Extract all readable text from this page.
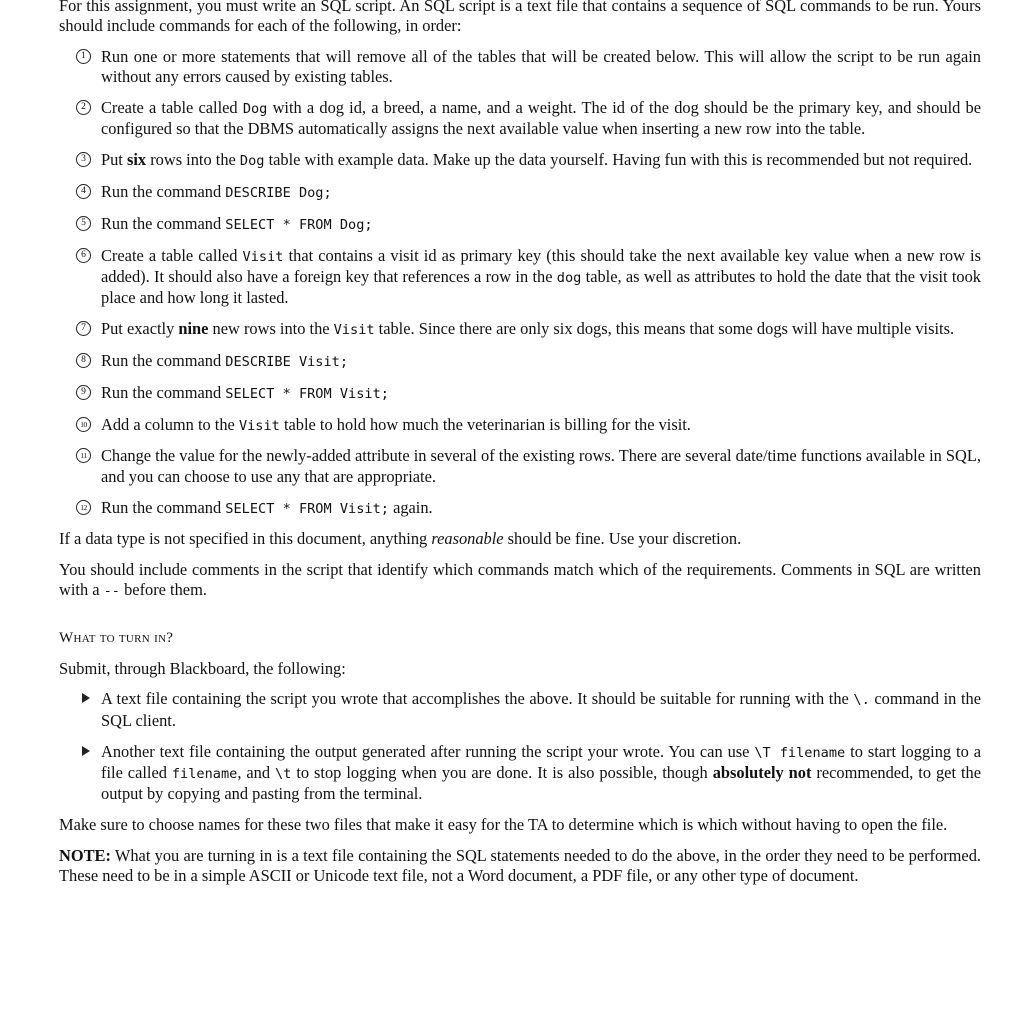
For this assignment, you must write an SQL script. An SQL script is a text file that contains a sequence of SQL commands to be run. Yours should include commands for each of the following, in order:

1 Run one or more statements that will remove all of the tables that will be created below. This will allow the script to be run again without any errors caused by existing tables.
2 Create a table called Dog with a dog id, a breed, a name, and a weight. The id of the dog should be the primary key, and should be configured so that the DBMS automatically assigns the next available value when inserting a new row into the table.
3 Put six rows into the Dog table with example data. Make up the data yourself. Having fun with this is recommended but not required.
4 Run the command DESCRIBE Dog;
5 Run the command SELECT * FROM Dog;
6 Create a table called Visit that contains a visit id as primary key (this should take the next available key value when a new row is added). It should also have a foreign key that references a row in the dog table, as well as attributes to hold the date that the visit took place and how long it lasted.
7 Put exactly nine new rows into the Visit table. Since there are only six dogs, this means that some dogs will have multiple visits.
8 Run the command DESCRIBE Visit;
9 Run the command SELECT * FROM Visit;
10 Add a column to the Visit table to hold how much the veterinarian is billing for the visit.
11 Change the value for the newly-added attribute in several of the existing rows. There are several date/time functions available in SQL, and you can choose to use any that are appropriate.
12 Run the command SELECT * FROM Visit; again.

If a data type is not specified in this document, anything reasonable should be fine. Use your discretion.

You should include comments in the script that identify which commands match which of the requirements. Comments in SQL are written with a -- before them.

What to turn in?

Submit, through Blackboard, the following:

A text file containing the script you wrote that accomplishes the above. It should be suitable for running with the \. command in the SQL client.
Another text file containing the output generated after running the script your wrote. You can use \T filename to start logging to a file called filename, and \t to stop logging when you are done. It is also possible, though absolutely not recommended, to get the output by copying and pasting from the terminal.

Make sure to choose names for these two files that make it easy for the TA to determine which is which without having to open the file.

NOTE: What you are turning in is a text file containing the SQL statements needed to do the above, in the order they need to be performed. These need to be in a simple ASCII or Unicode text file, not a Word document, a PDF file, or any other type of document.
